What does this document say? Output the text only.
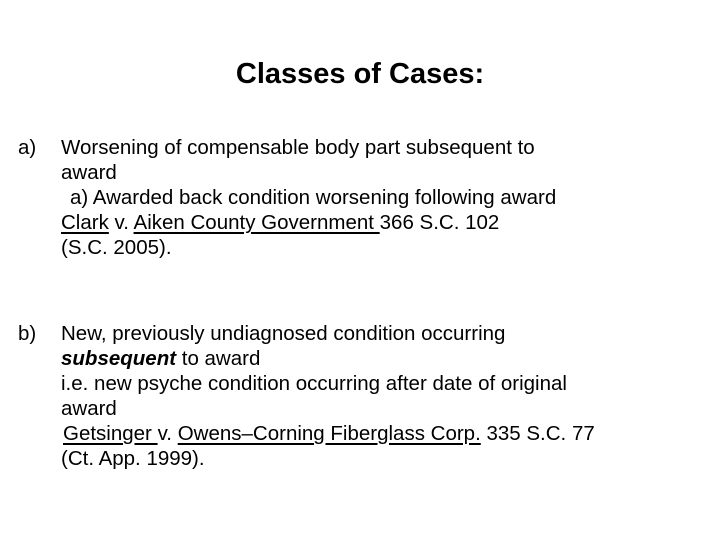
Classes of Cases:
a)	Worsening of compensable body part subsequent to
award
a) Awarded back condition worsening following award
Clark v. Aiken County Government 366 S.C. 102
(S.C. 2005).
b)	New, previously undiagnosed condition occurring
subsequent to award
i.e. new psyche condition occurring after date of original
award
Getsinger v. Owens–Corning Fiberglass Corp. 335 S.C. 77
(Ct. App. 1999).
